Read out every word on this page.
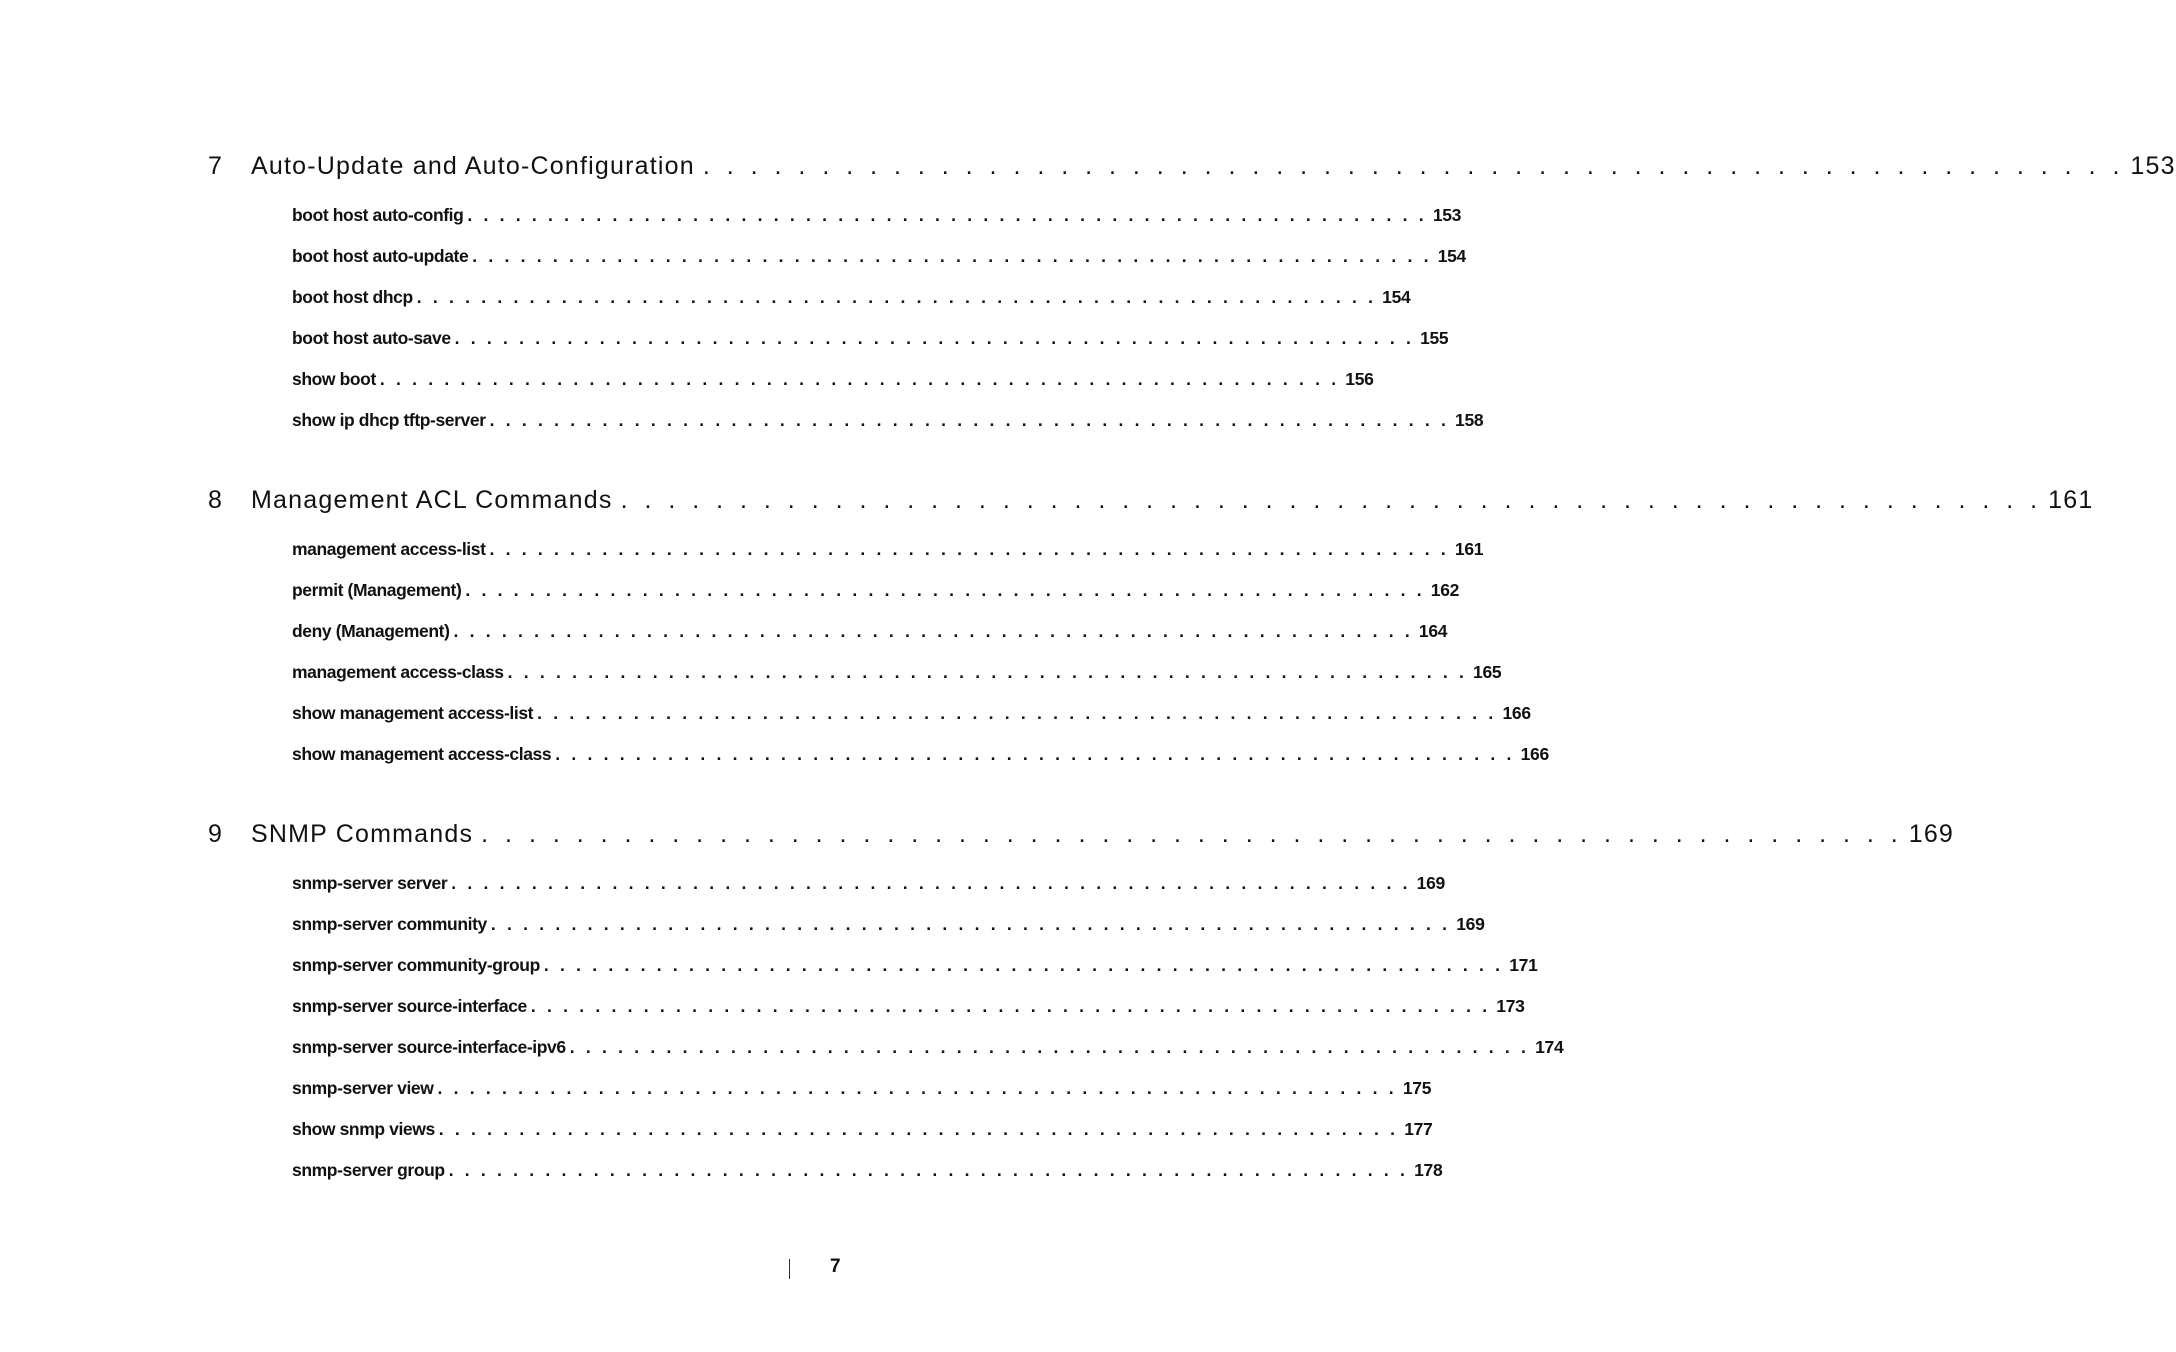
7	Auto-Update and Auto-Configuration . . . . . . . . . . . . . . . . . . . . . . . . . . . . . . . . . . . . . . . . . . . . . . . . . . . . . . . . . . . . 153
boot host auto-config . . . . . . . . . . . . . . . . . . . . . . . . . . . . . . . . . . . . . . . . . . . . . . . . . . . . . . . . . . . . 153
boot host auto-update . . . . . . . . . . . . . . . . . . . . . . . . . . . . . . . . . . . . . . . . . . . . . . . . . . . . . . . . . . . . 154
boot host dhcp . . . . . . . . . . . . . . . . . . . . . . . . . . . . . . . . . . . . . . . . . . . . . . . . . . . . . . . . . . . . 154
boot host auto-save . . . . . . . . . . . . . . . . . . . . . . . . . . . . . . . . . . . . . . . . . . . . . . . . . . . . . . . . . . . . 155
show boot . . . . . . . . . . . . . . . . . . . . . . . . . . . . . . . . . . . . . . . . . . . . . . . . . . . . . . . . . . . . 156
show ip dhcp tftp-server . . . . . . . . . . . . . . . . . . . . . . . . . . . . . . . . . . . . . . . . . . . . . . . . . . . . . . . . . . . . 158
8	Management ACL Commands . . . . . . . . . . . . . . . . . . . . . . . . . . . . . . . . . . . . . . . . . . . . . . . . . . . . . . . . . . . . 161
management access-list . . . . . . . . . . . . . . . . . . . . . . . . . . . . . . . . . . . . . . . . . . . . . . . . . . . . . . . . . . . . 161
permit (Management) . . . . . . . . . . . . . . . . . . . . . . . . . . . . . . . . . . . . . . . . . . . . . . . . . . . . . . . . . . . . 162
deny (Management) . . . . . . . . . . . . . . . . . . . . . . . . . . . . . . . . . . . . . . . . . . . . . . . . . . . . . . . . . . . . 164
management access-class . . . . . . . . . . . . . . . . . . . . . . . . . . . . . . . . . . . . . . . . . . . . . . . . . . . . . . . . . . . . 165
show management access-list . . . . . . . . . . . . . . . . . . . . . . . . . . . . . . . . . . . . . . . . . . . . . . . . . . . . . . . . . . . . 166
show management access-class . . . . . . . . . . . . . . . . . . . . . . . . . . . . . . . . . . . . . . . . . . . . . . . . . . . . . . . . . . . . 166
9	SNMP Commands . . . . . . . . . . . . . . . . . . . . . . . . . . . . . . . . . . . . . . . . . . . . . . . . . . . . . . . . . . . . 169
snmp-server server . . . . . . . . . . . . . . . . . . . . . . . . . . . . . . . . . . . . . . . . . . . . . . . . . . . . . . . . . . . . 169
snmp-server community . . . . . . . . . . . . . . . . . . . . . . . . . . . . . . . . . . . . . . . . . . . . . . . . . . . . . . . . . . . . 169
snmp-server community-group . . . . . . . . . . . . . . . . . . . . . . . . . . . . . . . . . . . . . . . . . . . . . . . . . . . . . . . . . . . . 171
snmp-server source-interface . . . . . . . . . . . . . . . . . . . . . . . . . . . . . . . . . . . . . . . . . . . . . . . . . . . . . . . . . . . . 173
snmp-server source-interface-ipv6 . . . . . . . . . . . . . . . . . . . . . . . . . . . . . . . . . . . . . . . . . . . . . . . . . . . . . . . . . . . . 174
snmp-server view . . . . . . . . . . . . . . . . . . . . . . . . . . . . . . . . . . . . . . . . . . . . . . . . . . . . . . . . . . . . 175
show snmp views . . . . . . . . . . . . . . . . . . . . . . . . . . . . . . . . . . . . . . . . . . . . . . . . . . . . . . . . . . . . 177
snmp-server group . . . . . . . . . . . . . . . . . . . . . . . . . . . . . . . . . . . . . . . . . . . . . . . . . . . . . . . . . . . . 178
7
